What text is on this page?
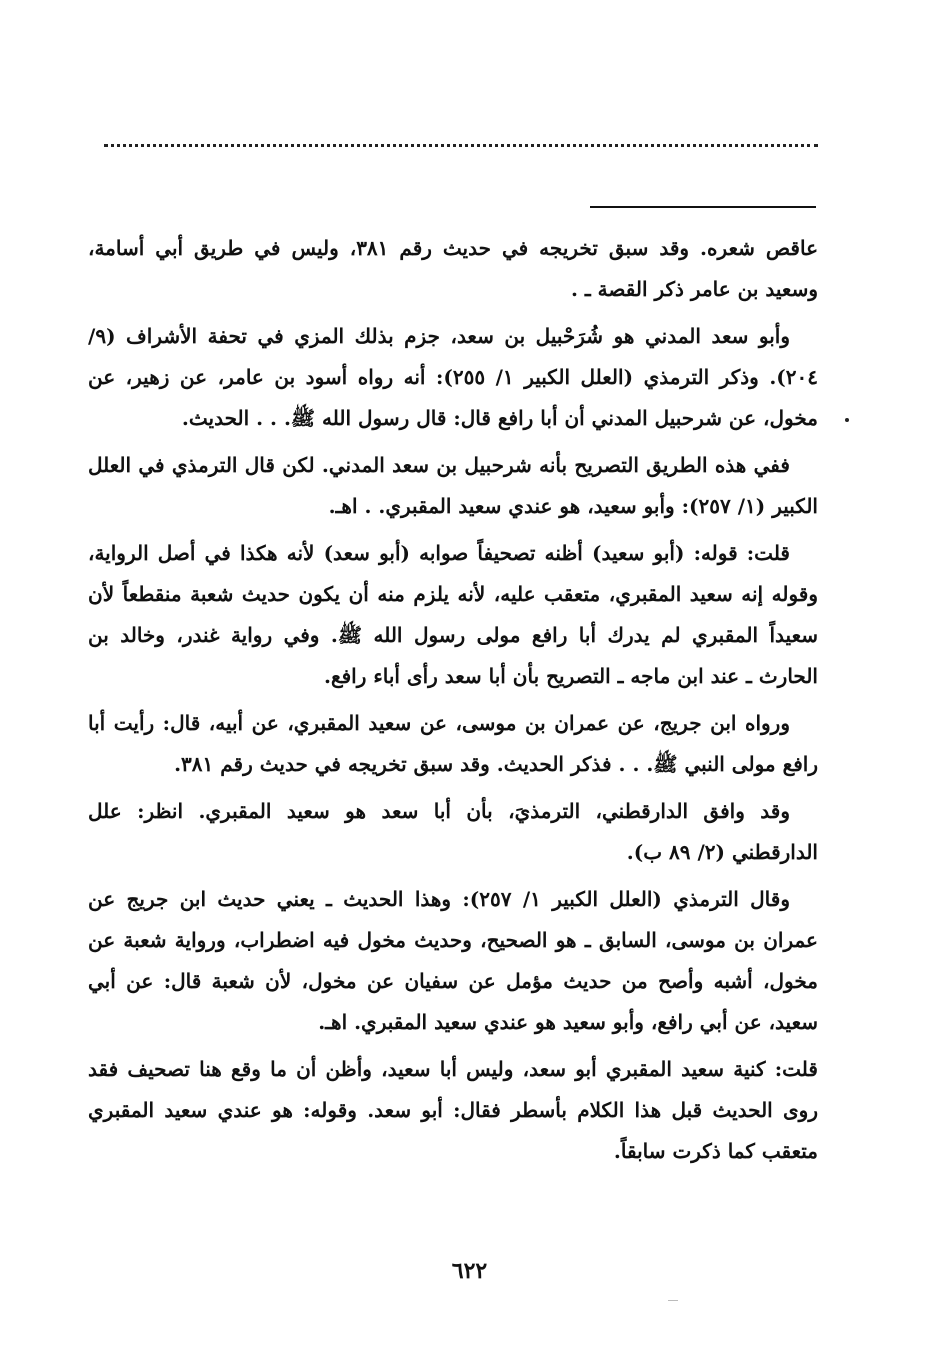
عاقص شعره. وقد سبق تخريجه في حديث رقم ٣٨١، وليس في طريق أبي أسامة، وسعيد بن عامر ذكر القصة ـ .

وأبو سعد المدني هو شُرَحْبيل بن سعد، جزم بذلك المزي في تحفة الأشراف (٩/ ٢٠٤). وذكر الترمذي (العلل الكبير ١/ ٢٥٥): أنه رواه أسود بن عامر، عن زهير، عن مخول، عن شرحبيل المدني أن أبا رافع قال: قال رسول الله ﷺ. . . الحديث.

ففي هذه الطريق التصريح بأنه شرحبيل بن سعد المدني. لكن قال الترمذي في العلل الكبير (١/ ٢٥٧): وأبو سعيد، هو عندي سعيد المقبري. . اهـ.

قلت: قوله: (أبو سعيد) أظنه تصحيفاً صوابه (أبو سعد) لأنه هكذا في أصل الرواية، وقوله إنه سعيد المقبري، متعقب عليه، لأنه يلزم منه أن يكون حديث شعبة منقطعاً لأن سعيداً المقبري لم يدرك أبا رافع مولى رسول الله ﷺ. وفي رواية غندر، وخالد بن الحارث ـ عند ابن ماجه ـ التصريح بأن أبا سعد رأى أباء رافع.

ورواه ابن جريج، عن عمران بن موسى، عن سعيد المقبري، عن أبيه، قال: رأيت أبا رافع مولى النبي ﷺ. . . فذكر الحديث. وقد سبق تخريجه في حديث رقم ٣٨١.

وقد وافق الدارقطني، الترمذيَ، بأن أبا سعد هو سعيد المقبري. انظر: علل الدارقطني (٢/ ٨٩ ب).

وقال الترمذي (العلل الكبير ١/ ٢٥٧): وهذا الحديث ـ يعني حديث ابن جريج عن عمران بن موسى، السابق ـ هو الصحيح، وحديث مخول فيه اضطراب، ورواية شعبة عن مخول، أشبه وأصح من حديث مؤمل عن سفيان عن مخول، لأن شعبة قال: عن أبي سعيد، عن أبي رافع، وأبو سعيد هو عندي سعيد المقبري. اهـ.

قلت: كنية سعيد المقبري أبو سعد، وليس أبا سعيد، وأظن أن ما وقع هنا تصحيف فقد روى الحديث قبل هذا الكلام بأسطر فقال: أبو سعد. وقوله: هو عندي سعيد المقبري متعقب كما ذكرت سابقاً.

٦٢٢
